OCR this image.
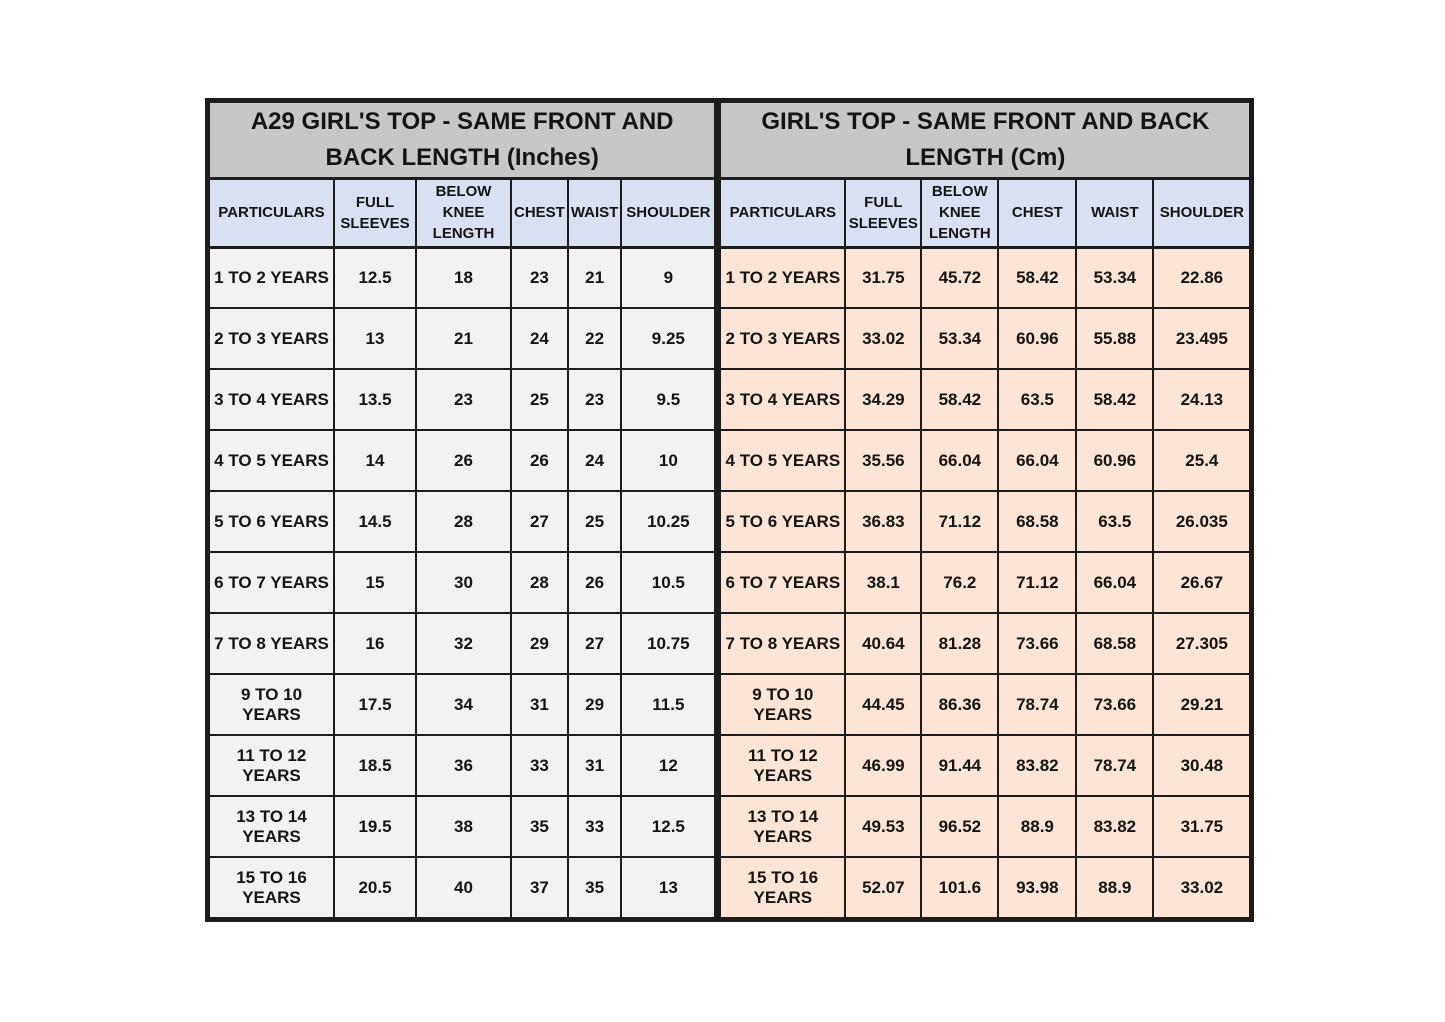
A29 GIRL'S TOP - SAME FRONT AND BACK LENGTH (Inches)					
PARTICULARS	FULL SLEEVES	BELOW KNEE LENGTH	CHEST	WAIST	SHOULDER
1 TO 2 YEARS	12.5	18	23	21	9
2 TO 3 YEARS	13	21	24	22	9.25
3 TO 4 YEARS	13.5	23	25	23	9.5
4 TO 5 YEARS	14	26	26	24	10
5 TO 6 YEARS	14.5	28	27	25	10.25
6 TO 7 YEARS	15	30	28	26	10.5
7 TO 8 YEARS	16	32	29	27	10.75
9 TO 10 YEARS	17.5	34	31	29	11.5
11 TO 12 YEARS	18.5	36	33	31	12
13 TO 14 YEARS	19.5	38	35	33	12.5
15 TO 16 YEARS	20.5	40	37	35	13
GIRL'S TOP - SAME FRONT AND BACK LENGTH (Cm)					
PARTICULARS	FULL SLEEVES	BELOW KNEE LENGTH	CHEST	WAIST	SHOULDER
1 TO 2 YEARS	31.75	45.72	58.42	53.34	22.86
2 TO 3 YEARS	33.02	53.34	60.96	55.88	23.495
3 TO 4 YEARS	34.29	58.42	63.5	58.42	24.13
4 TO 5 YEARS	35.56	66.04	66.04	60.96	25.4
5 TO 6 YEARS	36.83	71.12	68.58	63.5	26.035
6 TO 7 YEARS	38.1	76.2	71.12	66.04	26.67
7 TO 8 YEARS	40.64	81.28	73.66	68.58	27.305
9 TO 10 YEARS	44.45	86.36	78.74	73.66	29.21
11 TO 12 YEARS	46.99	91.44	83.82	78.74	30.48
13 TO 14 YEARS	49.53	96.52	88.9	83.82	31.75
15 TO 16 YEARS	52.07	101.6	93.98	88.9	33.02
